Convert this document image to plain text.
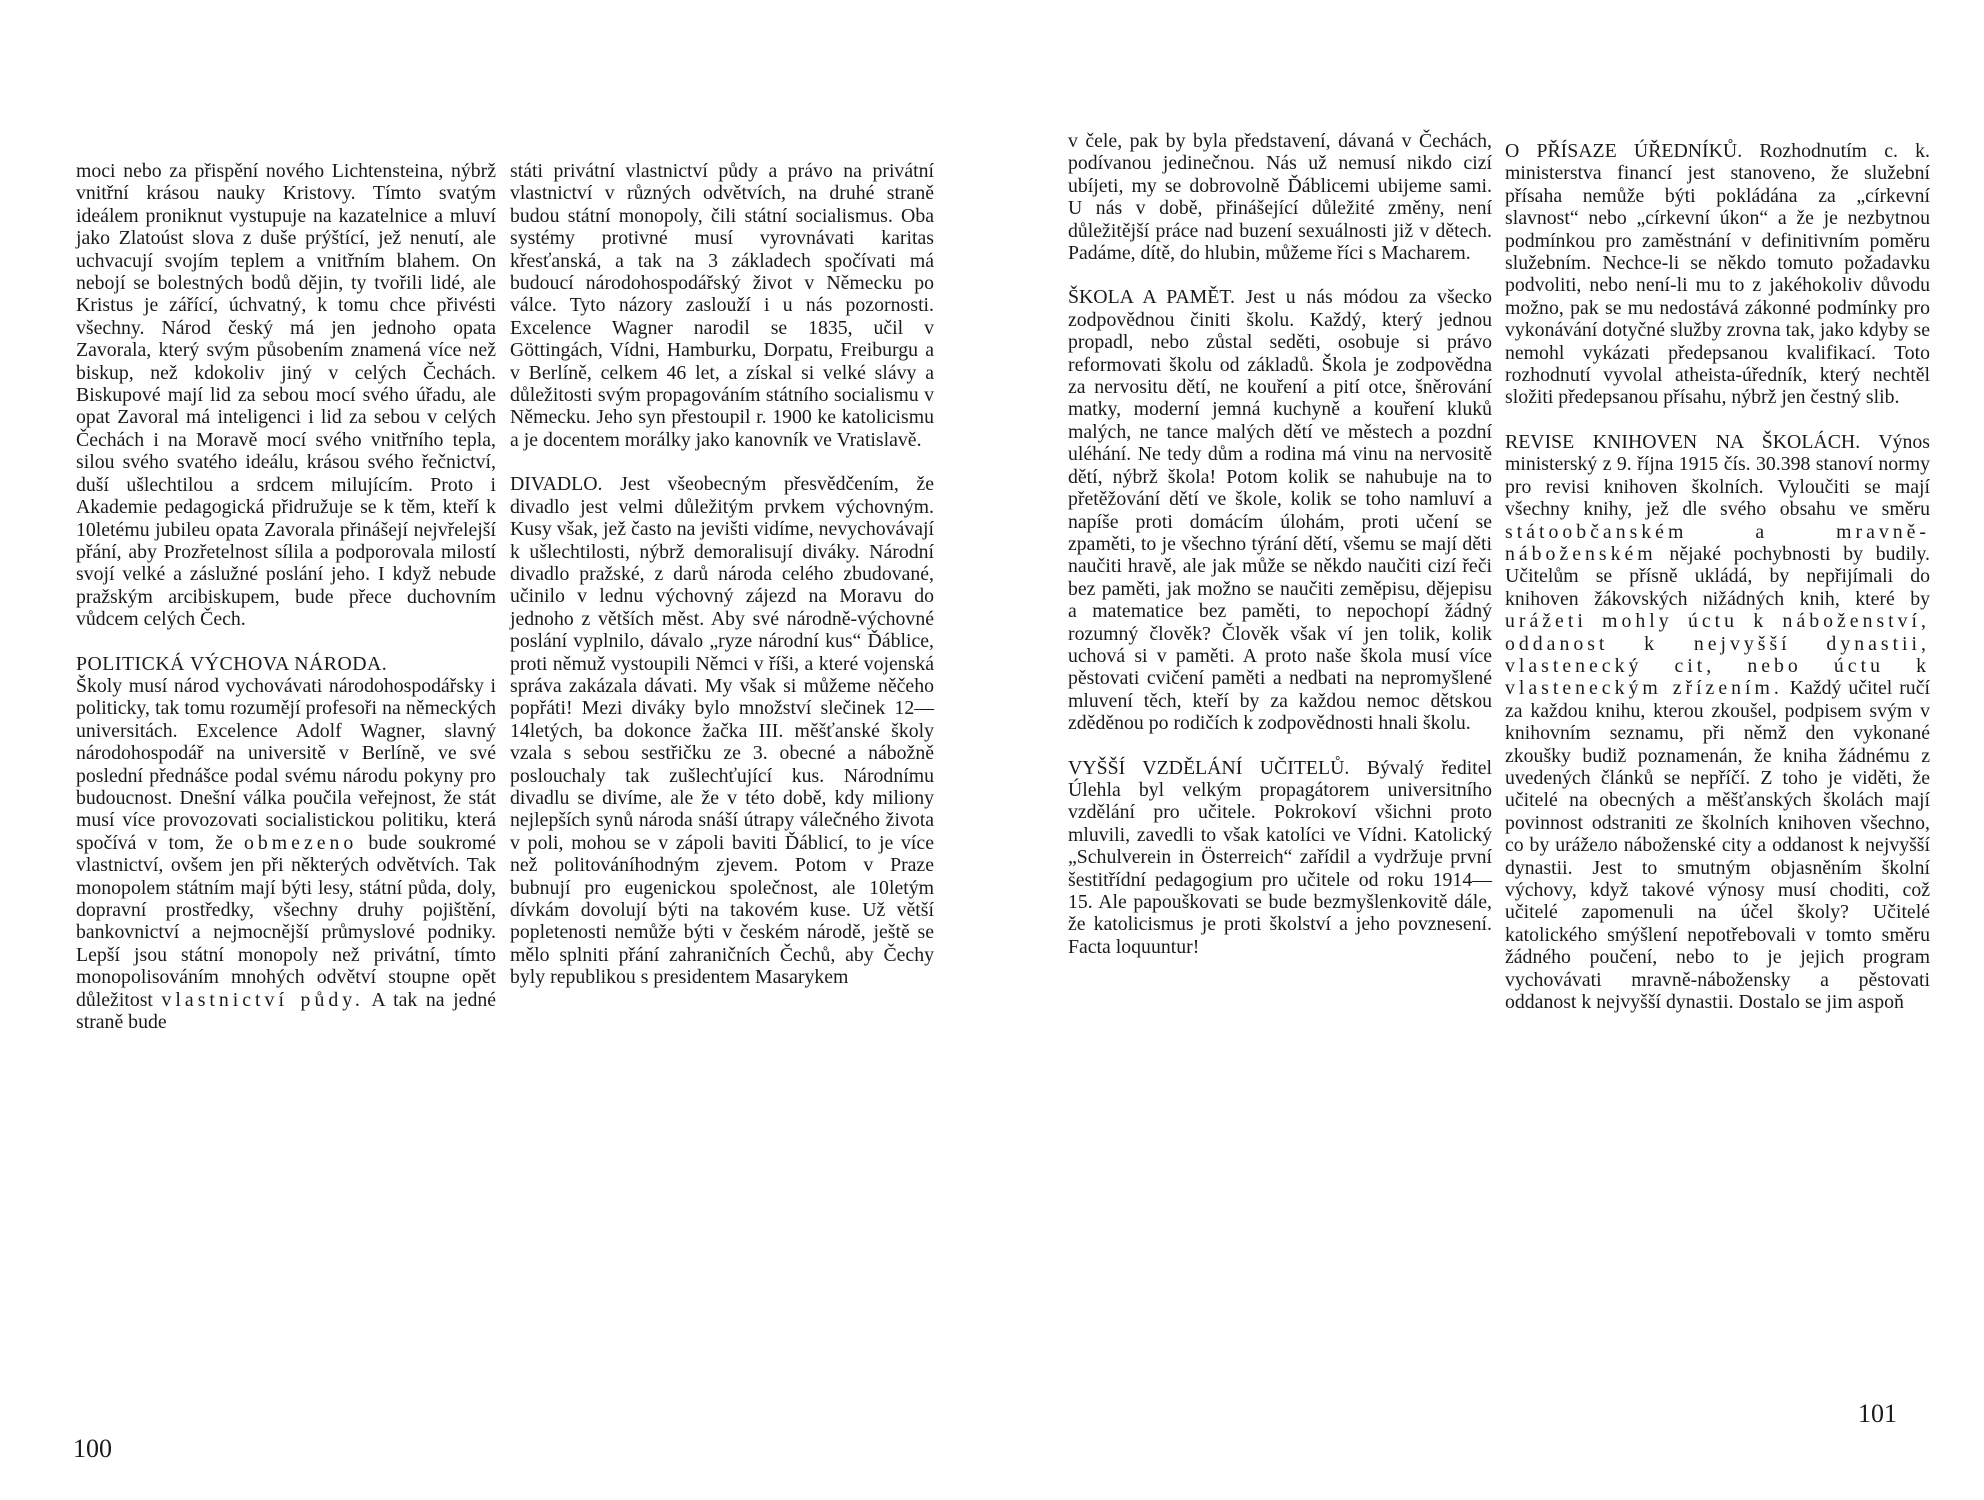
moci nebo za přispění nového Lichtensteina, nýbrž vnitřní krásou nauky Kristovy. Tímto svatým ideálem proniknut vystupuje na kazatelnice a mluví jako Zlatoúst slova z duše prýštící, jež nenutí, ale uchvacují svojím teplem a vnitřním blahem. On nebojí se bolestných bodů dějin, ty tvořili lidé, ale Kristus je zářící, úchvatný, k tomu chce přivésti všechny. Národ český má jen jednoho opata Zavorala, který svým působením znamená více než biskup, než kdokoliv jiný v celých Čechách. Biskupové mají lid za sebou mocí svého úřadu, ale opat Zavoral má inteligenci i lid za sebou v celých Čechách i na Moravě mocí svého vnitřního tepla, silou svého svatého ideálu, krásou svého řečnictví, duší ušlechtilou a srdcem milujícím. Proto i Akademie pedagogická přidružuje se k těm, kteří k 10letému jubileu opata Zavorala přinášejí nejvřelejší přání, aby Prozřetelnost sílila a podporovala milostí svojí velké a záslužné poslání jeho. I když nebude pražským arcibiskupem, bude přece duchovním vůdcem celých Čech.

POLITICKÁ VÝCHOVA NÁRODA.
Školy musí národ vychovávati národohospodářsky i politicky, tak tomu rozumějí profesoři na německých universitách. Excelence Adolf Wagner, slavný národohospodář na universitě v Berlíně, ve své poslední přednášce podal svému národu pokyny pro budoucnost. Dnešní válka poučila veřejnost, že stát musí více provozovati socialistickou politiku, která spočívá v tom, že obmezeno bude soukromé vlastnictví, ovšem jen při některých odvětvích. Tak monopolem státním mají býti lesy, státní půda, doly, dopravní prostředky, všechny druhy pojištění, bankovnictví a nejmocnější průmyslové podniky. Lepší jsou státní monopoly než privátní, tímto monopolisováním mnohých odvětví stoupne opět důležitost vlastnictví půdy. A tak na jedné straně bude

státi privátní vlastnictví půdy a právo na privátní vlastnictví v různých odvětvích, na druhé straně budou státní monopoly, čili státní socialismus. Oba systémy protivné musí vyrovnávati karitas křesťanská, a tak na 3 základech spočívati má budoucí národohospodářský život v Německu po válce. Tyto názory zaslouží i u nás pozornosti. Excelence Wagner narodil se 1835, učil v Göttingách, Vídni, Hamburku, Dorpatu, Freiburgu a v Berlíně, celkem 46 let, a získal si velké slávy a důležitosti svým propagováním státního socialismu v Německu. Jeho syn přestoupil r. 1900 ke katolicismu a je docentem morálky jako kanovník ve Vratislavě.

DIVADLO. Jest všeobecným přesvědčením, že divadlo jest velmi důležitým prvkem výchovným. Kusy však, jež často na jevišti vidíme, nevychovávají k ušlechtilosti, nýbrž demoralisují diváky. Národní divadlo pražské, z darů národa celého zbudované, učinilo v lednu výchovný zájezd na Moravu do jednoho z větších měst. Aby své národně-výchovné poslání vyplnilo, dávalo „ryze národní kus“ Ďáblice, proti němuž vystoupili Němci v říši, a které vojenská správa zakázala dávati. My však si můžeme něčeho popřáti! Mezi diváky bylo množství slečinek 12—14letých, ba dokonce žačka III. měšťanské školy vzala s sebou sestřičku ze 3. obecné a nábožně poslouchaly tak zušlechťující kus. Národnímu divadlu se divíme, ale že v této době, kdy miliony nejlepších synů národa snáší útrapy válečného života v poli, mohou se v zápoli baviti Ďáblicí, to je více než politováníhodným zjevem. Potom v Praze bubnují pro eugenickou společnost, ale 10letým dívkám dovolují býti na takovém kuse. Už větší popletenosti nemůže býti v českém národě, ještě se mělo splniti přání zahraničních Čechů, aby Čechy byly republikou s presidentem Masarykem

100

v čele, pak by byla představení, dávaná v Čechách, podívanou jedinečnou. Nás už nemusí nikdo cizí ubíjeti, my se dobrovolně Ďáblicemi ubijeme sami. U nás v době, přinášející důležité změny, není důležitější práce nad buzení sexuálnosti již v dětech. Padáme, dítě, do hlubin, můžeme říci s Macharem.

ŠKOLA A PAMĚT. Jest u nás módou za všecko zodpovědnou činiti školu. Každý, který jednou propadl, nebo zůstal seděti, osobuje si právo reformovati školu od základů. Škola je zodpovědna za nervositu dětí, ne kouření a pití otce, šněrování matky, moderní jemná kuchyně a kouření kluků malých, ne tance malých dětí ve městech a pozdní uléhání. Ne tedy dům a rodina má vinu na nervositě dětí, nýbrž škola! Potom kolik se nahubuje na to přetěžování dětí ve škole, kolik se toho namluví a napíše proti domácím úlohám, proti učení se zpaměti, to je všechno týrání dětí, všemu se mají děti naučiti hravě, ale jak může se někdo naučiti cizí řeči bez paměti, jak možno se naučiti zeměpisu, dějepisu a matematice bez paměti, to nepochopí žádný rozumný člověk? Člověk však ví jen tolik, kolik uchová si v paměti. A proto naše škola musí více pěstovati cvičení paměti a nedbati na nepromyšlené mluvení těch, kteří by za každou nemoc dětskou zděděnou po rodičích k zodpovědnosti hnali školu.

VYŠŠÍ VZDĚLÁNÍ UČITELŮ. Bývalý ředitel Úlehla byl velkým propagátorem universitního vzdělání pro učitele. Pokrokoví všichni proto mluvili, zavedli to však katolíci ve Vídni. Katolický „Schulverein in Österreich“ zařídil a vydržuje první šestitřídní pedagogium pro učitele od roku 1914—15. Ale papouškovati se bude bezmyšlenkovitě dále, že katolicismus je proti školství a jeho povznesení. Facta loquuntur!

O PŘÍSAZE ÚŘEDNÍKŮ. Rozhodnutím c. k. ministerstva financí jest stanoveno, že služební přísaha nemůže býti pokládána za „církevní slavnost“ nebo „církevní úkon“ a že je nezbytnou podmínkou pro zaměstnání v definitivním poměru služebním. Nechce-li se někdo tomuto požadavku podvoliti, nebo není-li mu to z jakéhokoliv důvodu možno, pak se mu nedostává zákonné podmínky pro vykonávání dotyčné služby zrovna tak, jako kdyby se nemohl vykázati předepsanou kvalifikací. Toto rozhodnutí vyvolal atheista-úředník, který nechtěl složiti předepsanou přísahu, nýbrž jen čestný slib.

REVISE KNIHOVEN NA ŠKOLÁCH. Výnos ministerský z 9. října 1915 čís. 30.398 stanoví normy pro revisi knihoven školních. Vyloučiti se mají všechny knihy, jež dle svého obsahu ve směru státoobčanském a mravně-náboženském nějaké pochybnosti by budily. Učitelům se přísně ukládá, by nepřijímali do knihoven žákovských nižádných knih, které by urážeti mohly úctu k náboženství, oddanost k nejvyšší dynastii, vlastenecký cit, nebo úctu k vlasteneckým zřízením. Každý učitel ručí za každou knihu, kterou zkoušel, podpisem svým v knihovním seznamu, při němž den vykonané zkoušky budiž poznamenán, že kniha žádnému z uvedených článků se nepříčí. Z toho je viděti, že učitelé na obecných a měšťanských školách mají povinnost odstraniti ze školních knihoven všechno, co by urážело náboženské city a oddanost k nejvyšší dynastii. Jest to smutným objasněním školní výchovy, když takové výnosy musí choditi, což učitelé zapomenuli na účel školy? Učitelé katolického smýšlení nepotřebovali v tomto směru žádného poučení, nebo to je jejich program vychovávati mravně-nábožensky a pěstovati oddanost k nejvyšší dynastii. Dostalo se jim aspoň

101
